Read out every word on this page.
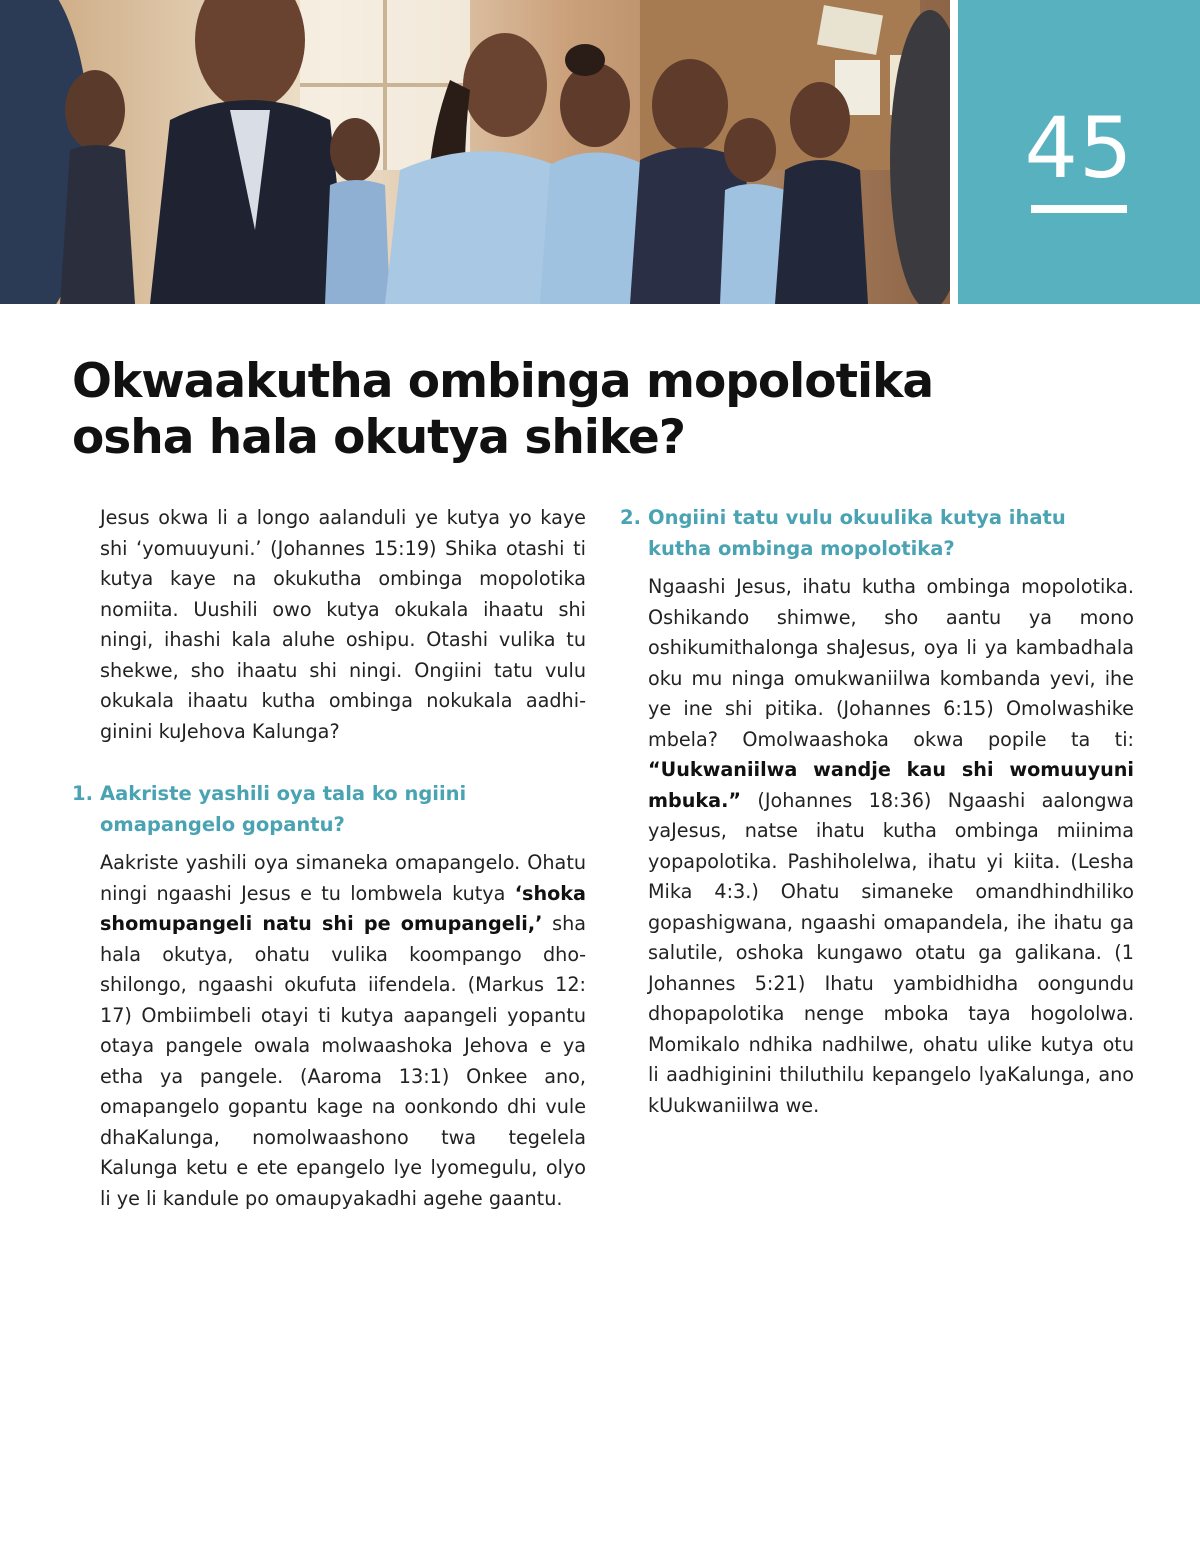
45
Okwaakutha ombinga mopolotika
osha hala okutya shike?

Jesus okwa li a longo aalanduli ye kutya yo kaye shi ‘yomuuyuni.’ (Johannes 15:19) Shika otashi ti kutya kaye na okukutha ombinga mopolotika nomiita. Uushili owo kutya okukala ihaatu shi ningi, ihashi kala aluhe oshipu. Otashi vulika tu shekwe, sho ihaatu shi ningi. Ongiini tatu vulu okukala ihaatu kutha ombinga nokukala aadhiginini kuJehova Kalunga?

1. Aakriste yashili oya tala ko ngiini omapangelo gopantu?

Aakriste yashili oya simaneka omapangelo. Ohatu ningi ngaashi Jesus e tu lombwela kutya ‘shoka shomupangeli natu shi pe omupangeli,’ sha hala okutya, ohatu vulika koompango dhoshilongo, ngaashi okufuta iifendela. (Markus 12: 17) Ombiimbeli otayi ti kutya aapangeli yopantu otaya pangele owala molwaashoka Jehova e ya etha ya pangele. (Aaroma 13:1) Onkee ano, omapangelo gopantu kage na oonkondo dhi vule dhaKalunga, nomolwaashono twa tegelela Kalunga ketu e ete epangelo lye lyomegulu, olyo li ye li kandule po omaupyakadhi agehe gaantu.

2. Ongiini tatu vulu okuulika kutya ihatu kutha ombinga mopolotika?

Ngaashi Jesus, ihatu kutha ombinga mopolotika. Oshikando shimwe, sho aantu ya mono oshikumithalonga shaJesus, oya li ya kambadhala oku mu ninga omukwaniilwa kombanda yevi, ihe ye ine shi pitika. (Johannes 6:15) Omolwashike mbela? Omolwaashoka okwa popile ta ti: “Uukwaniilwa wandje kau shi womuuyuni mbuka.” (Johannes 18:36) Ngaashi aalongwa yaJesus, natse ihatu kutha ombinga miinima yopapolotika. Pashiholelwa, ihatu yi kiita. (Lesha Mika 4:3.) Ohatu simaneke omandhindhiliko gopashigwana, ngaashi omapandela, ihe ihatu ga salutile, oshoka kungawo otatu ga galikana. (1 Johannes 5:21) Ihatu yambidhidha oongundu dhopapolotika nenge mboka taya hogololwa. Momikalo ndhika nadhilwe, ohatu ulike kutya otu li aadhiginini thiluthilu kepangelo lyaKalunga, ano kUukwaniilwa we.
